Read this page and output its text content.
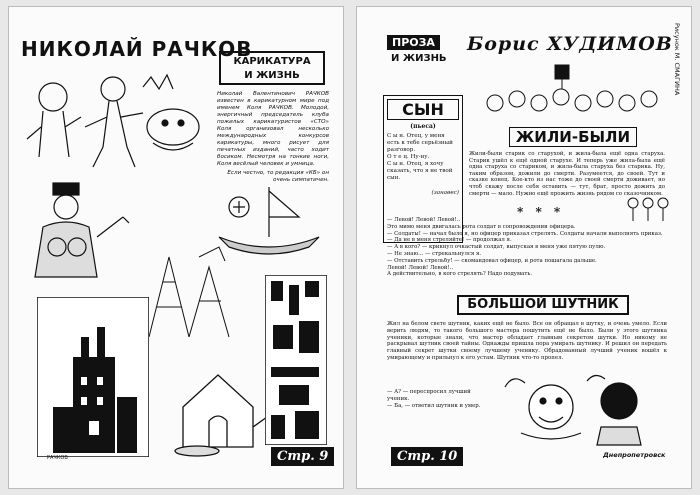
НИКОЛАЙ РАЧКОВ
КАРИКАТУРА
И ЖИЗНЬ

Николай Валентинович РАЧКОВ известен в карикатурном мире под именем Коля РАЧКОВ. Молодой, энергичный председатель клуба пожилых карикатуристов «СТО» Коля организовал несколько международных конкурсов карикатуры, много рисует для печатных изданий, часто ходит босиком. Несмотря на тонкие ноги, Коля весёлый человек и умница.

Если честно, то редакция «КБ» он очень симпатичен.

Стр. 9
РАЧКОВ
ПРОЗА
И ЖИЗНЬ
Борис ХУДИМОВ Рисунок М. СМАГИНА
СЫН
(пьеса)

С ы н. Отец, у меня есть к тебе серьёзный разговор.

О т е ц. Ну-ну.

С ы н. Отец, я хочу сказать, что я не твой сын.

(занавес)
ЖИЛИ-БЫЛИ
Жили-были старик со старухой, и жила-была ещё одна старуха. Старик ушёл к ещё одной старухе. И теперь уже жила-была ещё одна старуха со стариком, и жила-была старуха без старика. Ну, таким образом, дожили до смерти. Разумеется, до своей. Тут и сказке конец. Кое-кто из нас тоже до своей смерти доживает, но чтоб скажу после себя оставить — тут, брат, просто дожить до смерти — мало. Нужно ещё прожить жизнь рядом со сказочником.
* * *

— Левой! Левой! Левой!..

Это мимо меня двигалась рота солдат в сопровождении офицера.

— Солдаты! — начал было я, но офицер приказал стрелять. Солдаты начали выполнять приказ.

— Да не в меня стреляйте! — продолжал я.

— А в кого? — крикнул очкастый солдат, выпуская в меня уже пятую пулю.

— Не знаю... — стрекальнулся я.

— Отставить стрельбу! — скомандовал офицер, и рота пошагала дальше.

Левой! Левой! Левой!..

А действительно, в кого стрелять? Надо подумать.

БОЛЬШОЙ ШУТНИК
Жил на белом свете шутник, каких ещё не было. Все он обращал в шутку, и очень умело. Если верить людям, то такого большого мастера пошутить ещё не было. Были у этого шутника ученики, которые знали, что мастер обладает главным секретом шутки. Но никому не раскрывал шутник своей тайны. Однажды пришла пора умирать шутнику. И решил он передать главный секрет шутки своему лучшему ученику. Обрадованный лучший ученик вошёл к умирающему и прильнул к его устам. Шутник что-то пропел.

— А? — переспросил лучший ученик.

— Ба, — ответил шутник и умер.

Стр. 10	Днепропетровск
